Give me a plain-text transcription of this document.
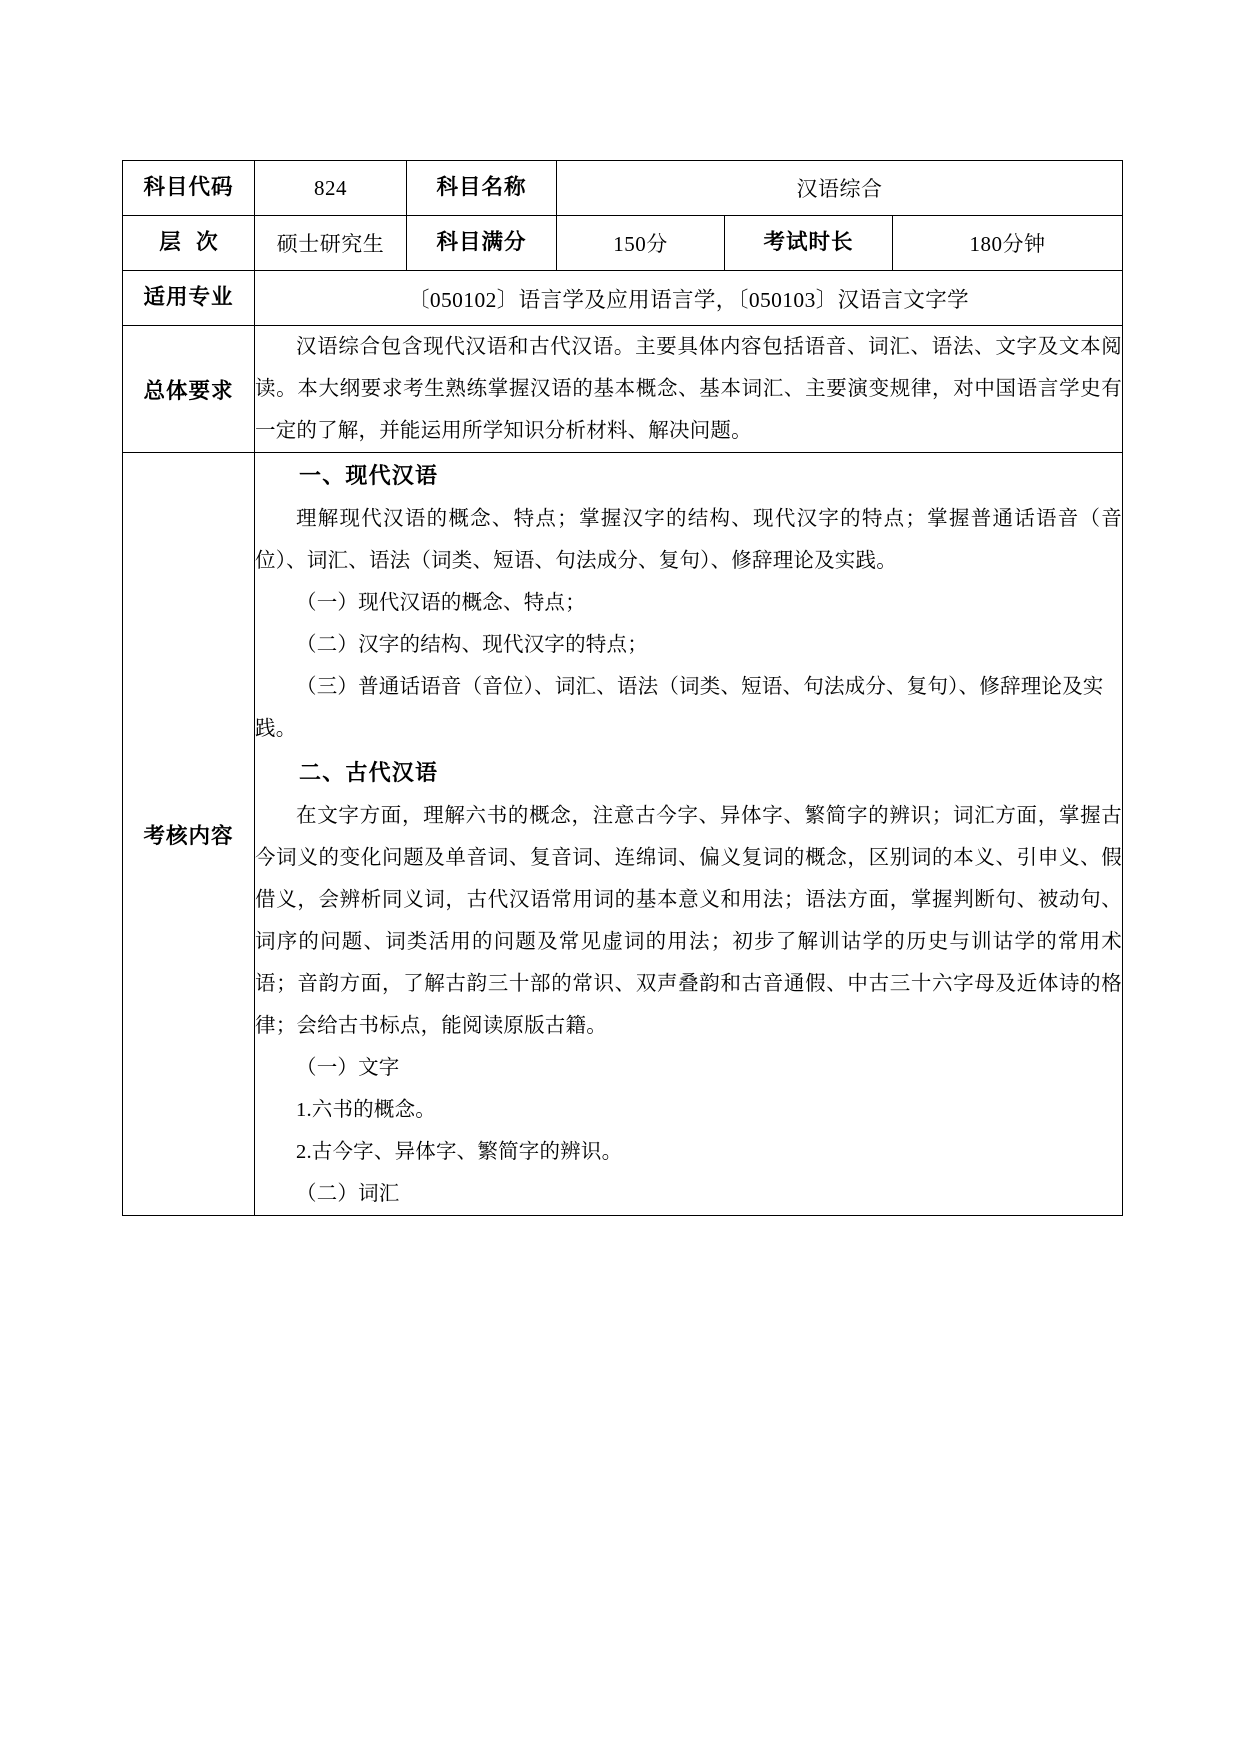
科目代码	824	科目名称	汉语综合		
层 次	硕士研究生	科目满分	150分	考试时长	180分钟
适用专业	〔050102〕语言学及应用语言学，〔050103〕汉语言文字学				
总体要求	汉语综合包含现代汉语和古代汉语。主要具体内容包括语音、词汇、语法、文字及文本阅读。本大纲要求考生熟练掌握汉语的基本概念、基本词汇、主要演变规律，对中国语言学史有一定的了解，并能运用所学知识分析材料、解决问题。				

考核内容	

一、现代汉语

理解现代汉语的概念、特点；掌握汉字的结构、现代汉字的特点；掌握普通话语音（音位）、词汇、语法（词类、短语、句法成分、复句）、修辞理论及实践。

（一）现代汉语的概念、特点；

（二）汉字的结构、现代汉字的特点；

（三）普通话语音（音位）、词汇、语法（词类、短语、句法成分、复句）、修辞理论及实践。

二、古代汉语

在文字方面，理解六书的概念，注意古今字、异体字、繁简字的辨识；词汇方面，掌握古今词义的变化问题及单音词、复音词、连绵词、偏义复词的概念，区别词的本义、引申义、假借义，会辨析同义词，古代汉语常用词的基本意义和用法；语法方面，掌握判断句、被动句、词序的问题、词类活用的问题及常见虚词的用法；初步了解训诂学的历史与训诂学的常用术语；音韵方面，了解古韵三十部的常识、双声叠韵和古音通假、中古三十六字母及近体诗的格律；会给古书标点，能阅读原版古籍。

（一）文字

1.六书的概念。

2.古今字、异体字、繁简字的辨识。

（二）词汇
